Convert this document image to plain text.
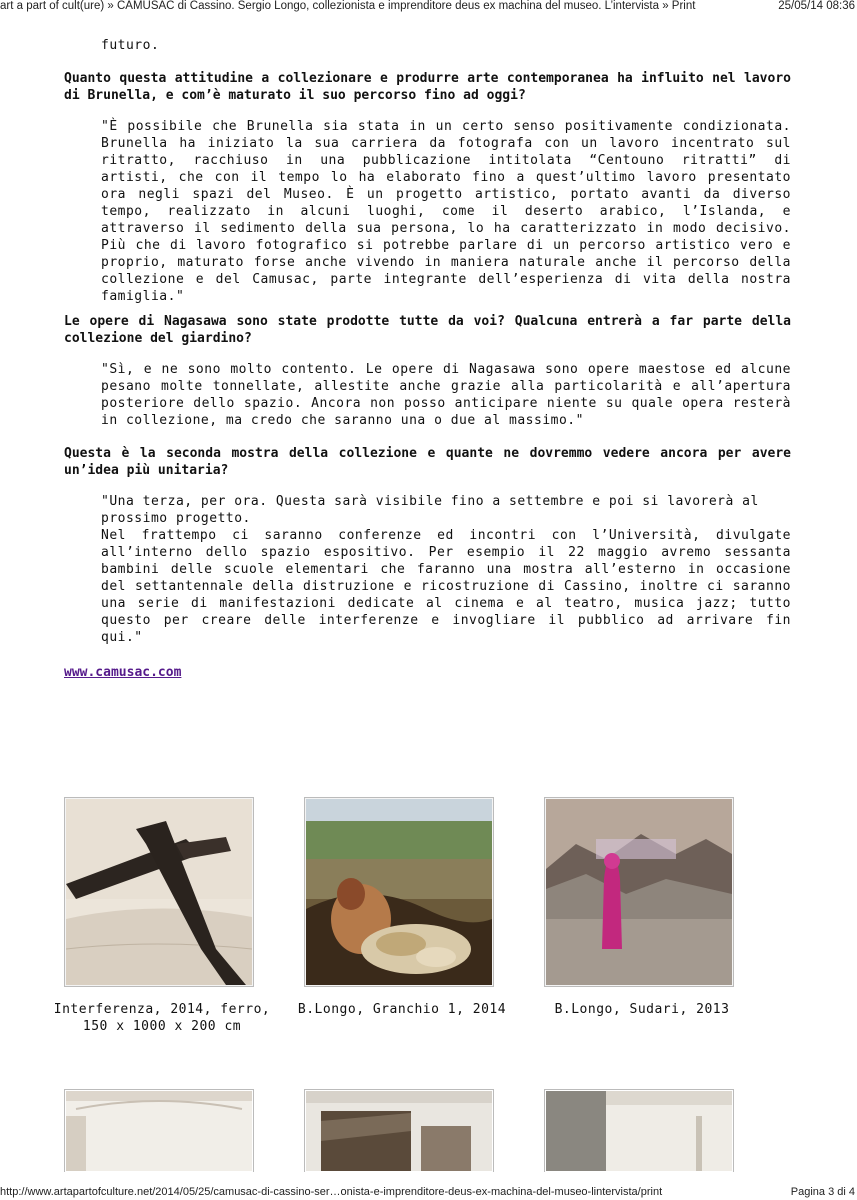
art a part of cult(ure) » CAMUSAC di Cassino. Sergio Longo, collezionista e imprenditore deus ex machina del museo. L’intervista » Print	25/05/14 08:36

futuro.

Quanto questa attitudine a collezionare e produrre arte contemporanea ha influito nel lavoro di Brunella, e com’è maturato il suo percorso fino ad oggi?

"È possibile che Brunella sia stata in un certo senso positivamente condizionata. Brunella ha iniziato la sua carriera da fotografa con un lavoro incentrato sul ritratto, racchiuso in una pubblicazione intitolata “Centouno ritratti” di artisti, che con il tempo lo ha elaborato fino a quest’ultimo lavoro presentato ora negli spazi del Museo. È un progetto artistico, portato avanti da diverso tempo, realizzato in alcuni luoghi, come il deserto arabico, l’Islanda, e attraverso il sedimento della sua persona, lo ha caratterizzato in modo decisivo. Più che di lavoro fotografico si potrebbe parlare di un percorso artistico vero e proprio, maturato forse anche vivendo in maniera naturale anche il percorso della collezione e del Camusac, parte integrante dell’esperienza di vita della nostra famiglia."

Le opere di Nagasawa sono state prodotte tutte da voi? Qualcuna entrerà a far parte della collezione del giardino?

"Sì, e ne sono molto contento. Le opere di Nagasawa sono opere maestose ed alcune pesano molte tonnellate, allestite anche grazie alla particolarità e all’apertura posteriore dello spazio. Ancora non posso anticipare niente su quale opera resterà in collezione, ma credo che saranno una o due al massimo."

Questa è la seconda mostra della collezione e quante ne dovremmo vedere ancora per avere un’idea più unitaria?

"Una terza, per ora. Questa sarà visibile fino a settembre e poi si lavorerà al prossimo progetto.

Nel frattempo ci saranno conferenze ed incontri con l’Università, divulgate all’interno dello spazio espositivo. Per esempio il 22 maggio avremo sessanta bambini delle scuole elementari che faranno una mostra all’esterno in occasione del settantennale della distruzione e ricostruzione di Cassino, inoltre ci saranno una serie di manifestazioni dedicate al cinema e al teatro, musica jazz; tutto questo per creare delle interferenze e invogliare il pubblico ad arrivare fin qui."

www.camusac.com
Interferenza, 2014, ferro, 150 x 1000 x 200 cm
B.Longo, Granchio 1, 2014	B.Longo, Sudari, 2013
http://www.artapartofculture.net/2014/05/25/camusac-di-cassino-ser…onista-e-imprenditore-deus-ex-machina-del-museo-lintervista/print	Pagina 3 di 4
